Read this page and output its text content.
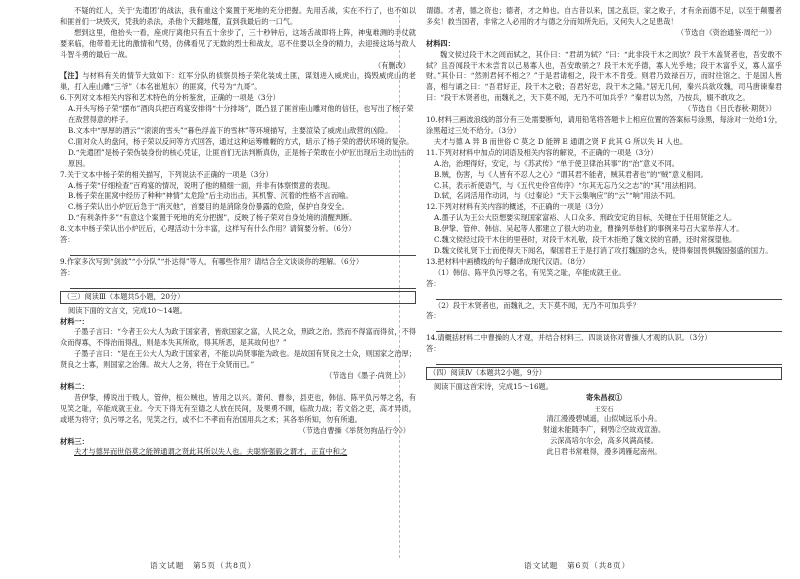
不疑的红人，关于‘先遣团’的战法，我有重这个案置于死地的充分把握。先用舌战，实在不行了，也不如以和匪首们一块毁灭，凭我的杀法，杀他个天翻地覆，直到我最后的一口气。

想到这里，他抬头一看，座虎厅离他只有五十余步了，三十秒钟后，这场舌战即将上阵，神鬼难测的手仗就要来临，他带着无比的激情和气势，仿佛看见了无数的烈士和战友，忍不住要以全身的精力，去迎接这场与敌人斗智斗勇的最后一战。

（有删改）

【注】与材料有关的情节大致如下：红军分队的侦察员杨子荣化装成土匪，谋划进入威虎山，捣毁威虎山的老巢，打入座山雕“三爷”（本名崔旭东）的匪窝，代号为“九哥”。

6.下列对文本相关内容和艺术特色的分析鉴赏，正确的一项是（3分）

A.开头写杨子荣“摆布”酒肉兵把百鸡宴安排得“十分排场”，既凸显了匪首座山雕对他的信任，也写出了杨子荣在敌营得意的样子。

B.文本中“厚厚的酒云”“滚滚的雪头”“暮色浮盖下的雪林”等环境描写，主要渲染了威虎山敌营的凶险。

C.面对众人的盘问，杨子荣以反问等方式回答，通过这种运筹帷幄的方式，暗示了杨子荣的潜伏环境的复杂。

D.“先遣团”是杨子荣伪装身份的核心凭证，让匪首们无法判断真伪，正是杨子荣敢在小炉匠出现后主动出击的原因。

7.关于文本中杨子荣的相关描写，下列说法不正确的一项是（3分）

A.杨子荣“仔细检查”百鸡宴的情况，说明了他的精细一面，并非有体察惯意的表现。

B.杨子荣在匪窝中经历了种种“神情”太危险“后主动出击，其机警、沉着的性格不言而喻。

C.杨子荣认出小炉匠后急于“消灭他”，首要目的是消除身份暴露的危险，保护自身安全。

D.“有利条件多”“有意这个案置于死地的充分把握”，反映了杨子荣对自身处境的清醒判断。

8.文本中杨子荣认出小炉匠后，心理活动十分丰富，这样写有什么作用？请简要分析。（6分）

答：

9.作家多次写到“剑波”“小分队”“扑达得”等人，有哪些作用？请结合全文谈谈你的理解。（6分）

答：

（三）阅读Ⅲ（本题共5小题，20分）

阅读下面的文言文，完成10～14题。

材料一：

子墨子言曰：“今者王公大人为政于国家者，皆欲国家之富，人民之众，刑政之治。然而不得富而得贫，不得众而得寡，不得治而得乱，则是本失其所欲，得其所恶，是其故何也？”

子墨子言曰：“是在王公大人为政于国家者，不能以尚贤事能为政也。是故国有贤良之士众，则国家之治厚；贤良之士寡，则国家之治薄。故大人之务，将在于众贤而已。”

（节选自《墨子·尚贤上》）

材料二：

昔伊挚，傅说出于贱人，管仲，桓公贼也，皆用之以兴。萧何、曹参，县吏也，韩信、陈平负污辱之名，有见笑之耻，卒能成就王业。今天下得无有至德之人放在民间，及果勇不顾，临敌力战；若文俗之吏，高才异质，或堪为将守；负污辱之名，见笑之行，或不仁不孝而有治国用兵之术；其各举所知，勿有所遗。

（节选自曹操《举贤勿拘品行令》）

材料三：

夫才与德异而世俗莫之能辨通谓之贤此其所以失人也。夫聪察强毅之谓才，正直中和之

谓德。才者，德之资也；德者，才之帅也。自古昔以来，国之乱臣，家之败子，才有余而德不足，以至于颠覆者多矣！救当国者，非常之人必用的才与德之分而知所先后，又何失人之足患哉！

（节选自《资治通鉴·周纪一》）

材料四：

魏文侯过段干木之闾而轼之，其仆曰：“君胡为轼？”曰：“此非段干木之闾欤？段干木盖贤者也，吾安敢不轼？且吾闻段干木未尝肯以己易寡人也，吾安敢骄之？段干木光乎德，寡人光乎地；段干木富乎义，寡人富乎财。”其仆曰：“然则君何不相之？”于是君请相之，段干木不肯受。则君乃致禄百万，而时往馆之。于是国人皆喜，相与诵之曰：“吾君好正，段干木之敬；吾君好忠，段干木之隆。”居无几何，秦兴兵欲攻魏，司马唐谏秦君曰：“段干木贤者也，而魏礼之，天下莫不闻，无乃不可加兵乎？”秦君以为然，乃按兵，辍不敢攻之。

（节选自《吕氏春秋·期贤》）

10.材料三画波浪线的部分有三处需要断句，请用铅笔将答题卡上相应位置的答案标号涂黑，每涂对一处给1分，涂黑超过三处不给分。（3分）

夫才与德 A 异 B 而世俗 C 莫之 D 能辨 E 通谓之贤 F 此其 G 所以失 H 人也。

11.下列对材料中加点的词语及相关内容的解说，不正确的一项是（3分）

A.治，治理得好，安定，与《苏武传》“单于使卫律治其事”的“治”意义不同。

B.贼，伤害，与《人皆有不忍人之心》“谓其君不能者，贼其君者也”的“贼”意义相同。

C.其，表示祈使语气，与《五代史伶官传序》“尔其无忘乃父之志”的“其”用法相同。

D.轼，名词活用作动词，与《过秦论》“天下云集响应”的“云”“响”用法不同。

12.下列对材料有关内容的概述，不正确的一项是（3分）

A.墨子认为王公大臣想要实现国家富裕、人口众多、刑政安定的目标，关键在于任用贤能之人。

B.伊挚、管仲、韩信、吴起等人都建立了很大的功业，曹操列举他们的事例来号召大家举荐人才。

C.魏文侯经过段干木住的里巷时，对段干木礼敬，段干木拒绝了魏文侯的官爵，还时常探望他。

D.魏文侯礼贤下士而使得天下闻名，秦国君王于是打消了攻打魏国的念头，使得秦国畏惧魏国强盛的国力。

13.把材料中画横线的句子翻译成现代汉语。（8分）

（1）韩信、陈平负污辱之名，有见笑之耻，卒能成就王业。

答：

（2）段干木贤者也，而魏礼之，天下莫不闻，无乃不可加兵乎？

答：

14.请概括材料二中曹操的人才观，并结合材料三、四谈谈你对曹操人才观的认识。（3分）

答：

（四）阅读Ⅳ（本题共2小题，9分）

阅读下面这首宋诗，完成15～16题。

寄朱昌叔①

王安石

清江漫漫碧城遥，山似城远乐小舟。

射道未能随李广，刺鸮②空故戏宣游。

云深高培尔尔会，高多风满高楼。

此日君书常难得，漫多鸿雁起南州。

语文试题　第5页（共8页）	语文试题　第6页（共8页）
